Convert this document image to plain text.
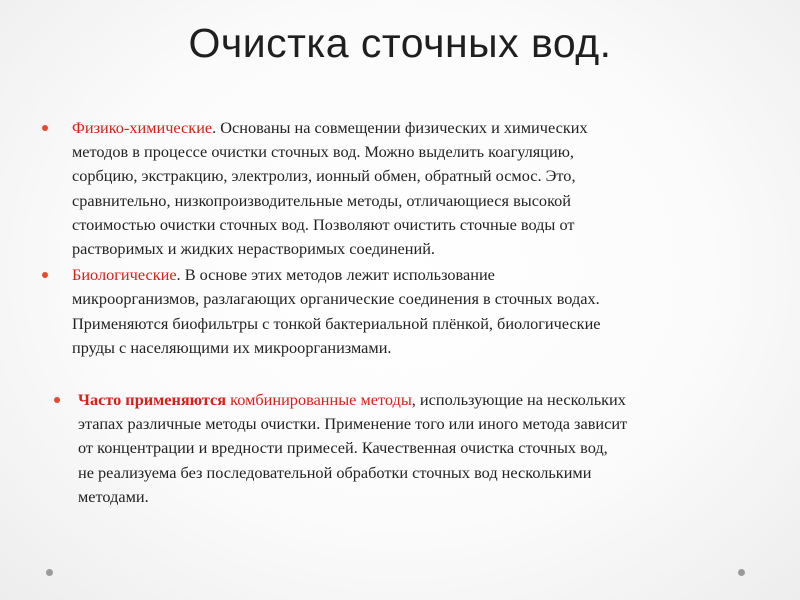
Очистка сточных вод.
Физико-химические. Основаны на совмещении физических и химических
методов в процессе очистки сточных вод. Можно выделить коагуляцию,
сорбцию, экстракцию, электролиз, ионный обмен, обратный осмос. Это,
сравнительно, низкопроизводительные методы, отличающиеся высокой
стоимостью очистки сточных вод. Позволяют очистить сточные воды от
растворимых и жидких нерастворимых соединений.
Биологические. В основе этих методов лежит использование
микроорганизмов, разлагающих органические соединения в сточных водах.
Применяются биофильтры с тонкой бактериальной плёнкой, биологические
пруды с населяющими их микроорганизмами.
Часто применяются комбинированные методы, использующие на нескольких
этапах различные методы очистки. Применение того или иного метода зависит
от концентрации и вредности примесей. Качественная очистка сточных вод,
не реализуема без последовательной обработки сточных вод несколькими
методами.
